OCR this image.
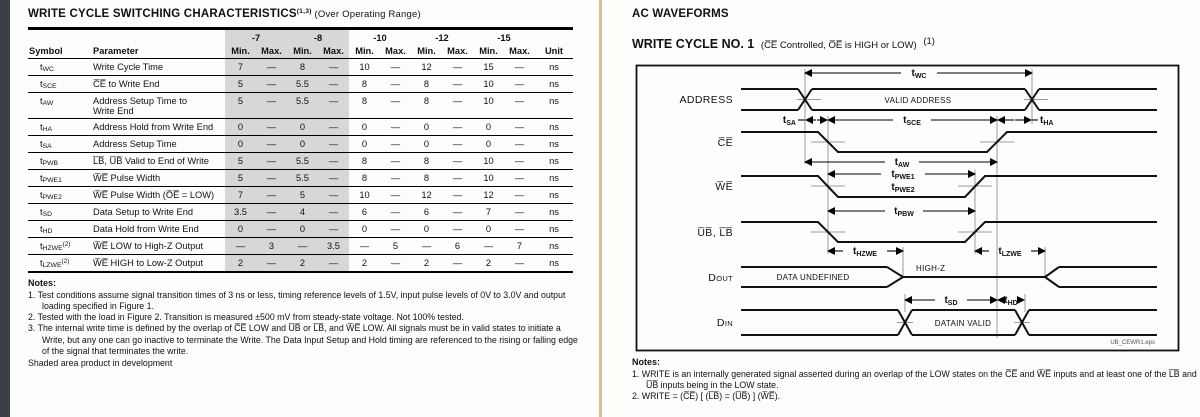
WRITE CYCLE SWITCHING CHARACTERISTICS$^{(1,3)}$ (Over Operating Range)
		-7		-8		-10		-12		-15		
Symbol	Parameter	Min.	Max.	Min.	Max.	Min.	Max.	Min.	Max.	Min.	Max.	Unit
tWC	Write Cycle Time	7	—	8	—	10	—	12	—	15	—	ns
tSCE	C̅E̅ to Write End	5	—	5.5	—	8	—	8	—	10	—	ns
tAW	Address Setup Time to Write End	5	—	5.5	—	8	—	8	—	10	—	ns
tHA	Address Hold from Write End	0	—	0	—	0	—	0	—	0	—	ns
tSA	Address Setup Time	0	—	0	—	0	—	0	—	0	—	ns
tPWB	L̅B̅, U̅B̅ Valid to End of Write	5	—	5.5	—	8	—	8	—	10	—	ns
tPWE1	W̅E̅ Pulse Width	5	—	5.5	—	8	—	8	—	10	—	ns
tPWE2	W̅E̅ Pulse Width (O̅E̅ = LOW)	7	—	5	—	10	—	12	—	12	—	ns
tSD	Data Setup to Write End	3.5	—	4	—	6	—	6	—	7	—	ns
tHD	Data Hold from Write End	0	—	0	—	0	—	0	—	0	—	ns
tHZWE$^{(2)}$	W̅E̅ LOW to High-Z Output	—	3	—	3.5	—	5	—	6	—	7	ns
tLZWE$^{(2)}$	W̅E̅ HIGH to Low-Z Output	2	—	2	—	2	—	2	—	2	—	ns
Notes:
1. Test conditions assume signal transition times of 3 ns or less, timing reference levels of 1.5V, input pulse levels of 0V to 3.0V and output loading specified in Figure 1.
2. Tested with the load in Figure 2. Transition is measured ±500 mV from steady-state voltage. Not 100% tested.
3. The internal write time is defined by the overlap of C̅E̅ LOW and U̅B̅ or L̅B̅, and W̅E̅ LOW. All signals must be in valid states to initiate a Write, but any one can go inactive to terminate the Write. The Data Input Setup and Hold timing are referenced to the rising or falling edge of the signal that terminates the write.
Shaded area product in development
AC WAVEFORMS
WRITE CYCLE NO. 1 (C̅E̅ Controlled, O̅E̅ is HIGH or LOW) $^{(1)}$
tWC
tSA	tSCE	tHA
tAW
tPWE1
tPWE2
tPBW
tHZWE	tLZWE
tSD	tHD
ADDRESS
C̅E̅
W̅E̅
U̅B̅, L̅B̅
DOUT
DIN
VALID ADDRESS
DATA UNDEFINED
HIGH-Z
DATAIN VALID
UB_CEWR1.eps
Notes:
1. WRITE is an internally generated signal asserted during an overlap of the LOW states on the C̅E̅ and W̅E̅ inputs and at least one of the L̅B̅ and U̅B̅ inputs being in the LOW state.
2. WRITE = (C̅E̅) [ (L̅B̅) = (U̅B̅) ] (W̅E̅).
